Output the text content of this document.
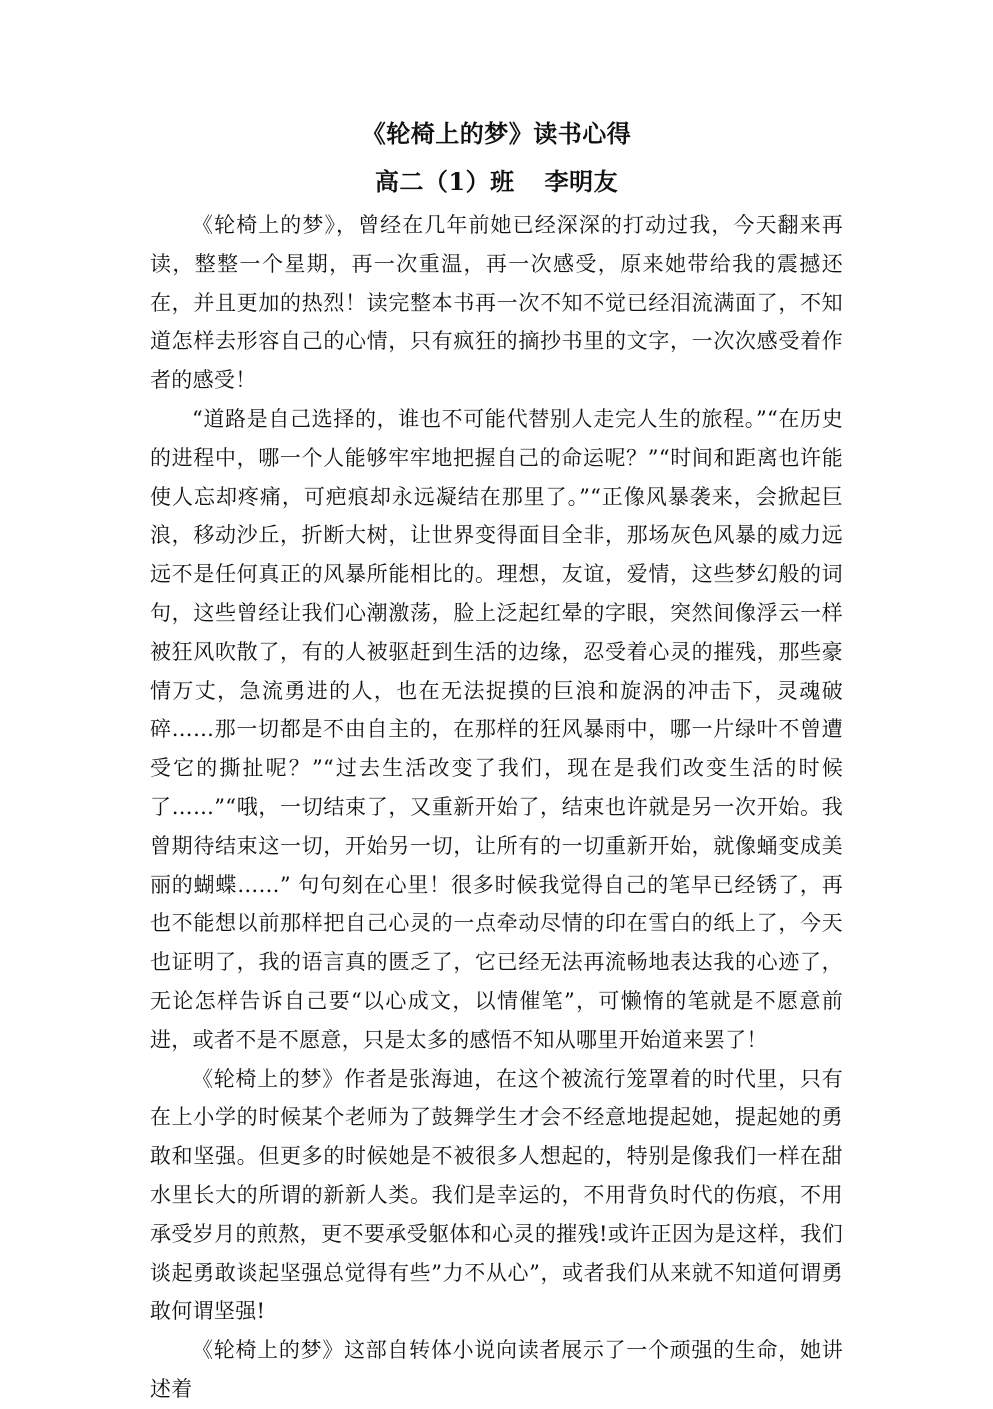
《轮椅上的梦》读书心得
高二（1）班 李明友

《轮椅上的梦》，曾经在几年前她已经深深的打动过我，今天翻来再读，整整一个星期，再一次重温，再一次感受，原来她带给我的震撼还在，并且更加的热烈！读完整本书再一次不知不觉已经泪流满面了，不知道怎样去形容自己的心情，只有疯狂的摘抄书里的文字，一次次感受着作者的感受！

“道路是自己选择的，谁也不可能代替别人走完人生的旅程。”“在历史的进程中，哪一个人能够牢牢地把握自己的命运呢？”“时间和距离也许能使人忘却疼痛，可疤痕却永远凝结在那里了。”“正像风暴袭来，会掀起巨浪，移动沙丘，折断大树，让世界变得面目全非，那场灰色风暴的威力远远不是任何真正的风暴所能相比的。理想，友谊，爱情，这些梦幻般的词句，这些曾经让我们心潮激荡，脸上泛起红晕的字眼，突然间像浮云一样被狂风吹散了，有的人被驱赶到生活的边缘，忍受着心灵的摧残，那些豪情万丈，急流勇进的人，也在无法捉摸的巨浪和旋涡的冲击下，灵魂破碎……那一切都是不由自主的，在那样的狂风暴雨中，哪一片绿叶不曾遭受它的撕扯呢？”“过去生活改变了我们，现在是我们改变生活的时候了……”“哦，一切结束了，又重新开始了，结束也许就是另一次开始。我曾期待结束这一切，开始另一切，让所有的一切重新开始，就像蛹变成美丽的蝴蝶……” 句句刻在心里！很多时候我觉得自己的笔早已经锈了，再也不能想以前那样把自己心灵的一点牵动尽情的印在雪白的纸上了，今天也证明了，我的语言真的匮乏了，它已经无法再流畅地表达我的心迹了，无论怎样告诉自己要“以心成文，以情催笔”，可懒惰的笔就是不愿意前进，或者不是不愿意，只是太多的感悟不知从哪里开始道来罢了！

《轮椅上的梦》作者是张海迪，在这个被流行笼罩着的时代里，只有在上小学的时候某个老师为了鼓舞学生才会不经意地提起她，提起她的勇敢和坚强。但更多的时候她是不被很多人想起的，特别是像我们一样在甜水里长大的所谓的新新人类。我们是幸运的，不用背负时代的伤痕，不用承受岁月的煎熬，更不要承受躯体和心灵的摧残!或许正因为是这样，我们谈起勇敢谈起坚强总觉得有些”力不从心”，或者我们从来就不知道何谓勇敢何谓坚强!

《轮椅上的梦》这部自转体小说向读者展示了一个顽强的生命，她讲述着
